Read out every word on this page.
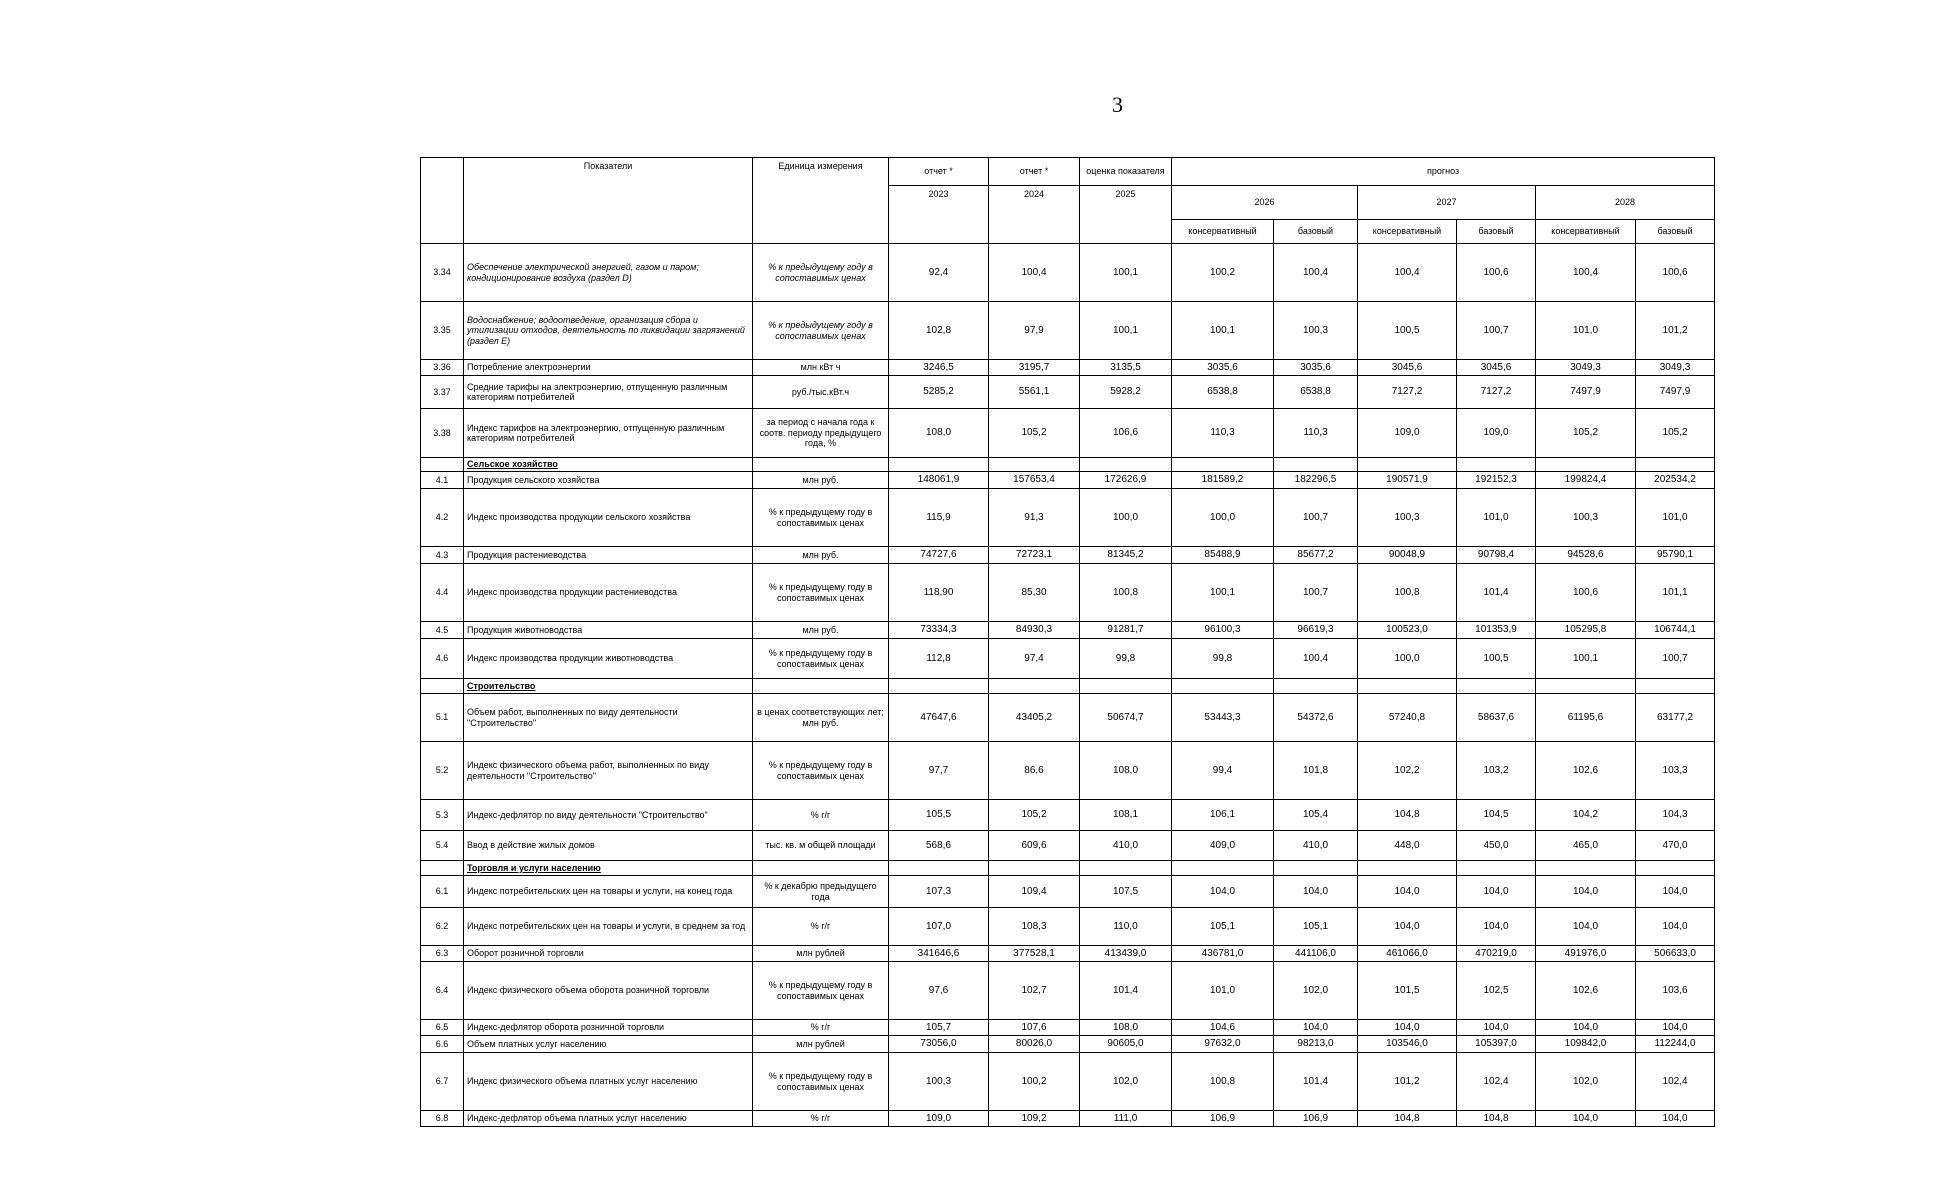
3
	Показатели	Единица измерения	отчет *	отчет *	оценка показателя	прогноз					
			2023	2024	2025	2026		2027		2028	
						консервативный	базовый	консервативный	базовый	консервативный	базовый
3.34	Обеспечение электрической энергией, газом и паром; кондиционирование воздуха (раздел D)	% к предыдущему году в сопоставимых ценах	92,4	100,4	100,1	100,2	100,4	100,4	100,6	100,4	100,6
3.35	Водоснабжение; водоотведение, организация сбора и утилизации отходов, деятельность по ликвидации загрязнений (раздел E)	% к предыдущему году в сопоставимых ценах	102,8	97,9	100,1	100,1	100,3	100,5	100,7	101,0	101,2
3.36	Потребление электроэнергии	млн кВт ч	3246,5	3195,7	3135,5	3035,6	3035,6	3045,6	3045,6	3049,3	3049,3
3.37	Средние тарифы на электроэнергию, отпущенную различным категориям потребителей	руб./тыс.кВт.ч	5285,2	5561,1	5928,2	6538,8	6538,8	7127,2	7127,2	7497,9	7497,9
3.38	Индекс тарифов на электроэнергию, отпущенную различным категориям потребителей	за период с начала года к соотв. периоду предыдущего года, %	108,0	105,2	106,6	110,3	110,3	109,0	109,0	105,2	105,2
	Сельское хозяйство										
4.1	Продукция сельского хозяйства	млн руб.	148061,9	157653,4	172626,9	181589,2	182296,5	190571,9	192152,3	199824,4	202534,2
4.2	Индекс производства продукции сельского хозяйства	% к предыдущему году в сопоставимых ценах	115,9	91,3	100,0	100,0	100,7	100,3	101,0	100,3	101,0
4.3	Продукция растениеводства	млн руб.	74727,6	72723,1	81345,2	85488,9	85677,2	90048,9	90798,4	94528,6	95790,1
4.4	Индекс производства продукции растениеводства	% к предыдущему году в сопоставимых ценах	118,90	85,30	100,8	100,1	100,7	100,8	101,4	100,6	101,1
4.5	Продукция животноводства	млн руб.	73334,3	84930,3	91281,7	96100,3	96619,3	100523,0	101353,9	105295,8	106744,1
4.6	Индекс производства продукции животноводства	% к предыдущему году в сопоставимых ценах	112,8	97,4	99,8	99,8	100,4	100,0	100,5	100,1	100,7
	Строительство										
5.1	Объем работ, выполненных по виду деятельности "Строительство"	в ценах соответствующих лет; млн руб.	47647,6	43405,2	50674,7	53443,3	54372,6	57240,8	58637,6	61195,6	63177,2
5.2	Индекс физического объема работ, выполненных по виду деятельности "Строительство"	% к предыдущему году в сопоставимых ценах	97,7	86,6	108,0	99,4	101,8	102,2	103,2	102,6	103,3
5.3	Индекс-дефлятор по виду деятельности "Строительство"	% г/г	105,5	105,2	108,1	106,1	105,4	104,8	104,5	104,2	104,3
5.4	Ввод в действие жилых домов	тыс. кв. м общей площади	568,6	609,6	410,0	409,0	410,0	448,0	450,0	465,0	470,0
	Торговля и услуги населению										
6.1	Индекс потребительских цен на товары и услуги, на конец года	% к декабрю предыдущего года	107,3	109,4	107,5	104,0	104,0	104,0	104,0	104,0	104,0
6.2	Индекс потребительских цен на товары и услуги, в среднем за год	% г/г	107,0	108,3	110,0	105,1	105,1	104,0	104,0	104,0	104,0
6.3	Оборот розничной торговли	млн рублей	341646,6	377528,1	413439,0	436781,0	441106,0	461066,0	470219,0	491976,0	506633,0
6.4	Индекс физического объема оборота розничной торговли	% к предыдущему году в сопоставимых ценах	97,6	102,7	101,4	101,0	102,0	101,5	102,5	102,6	103,6
6.5	Индекс-дефлятор оборота розничной торговли	% г/г	105,7	107,6	108,0	104,6	104,0	104,0	104,0	104,0	104,0
6.6	Объем платных услуг населению	млн рублей	73056,0	80026,0	90605,0	97632,0	98213,0	103546,0	105397,0	109842,0	112244,0
6.7	Индекс физического объема платных услуг населению	% к предыдущему году в сопоставимых ценах	100,3	100,2	102,0	100,8	101,4	101,2	102,4	102,0	102,4
6.8	Индекс-дефлятор объема платных услуг населению	% г/г	109,0	109,2	111,0	106,9	106,9	104,8	104,8	104,0	104,0
